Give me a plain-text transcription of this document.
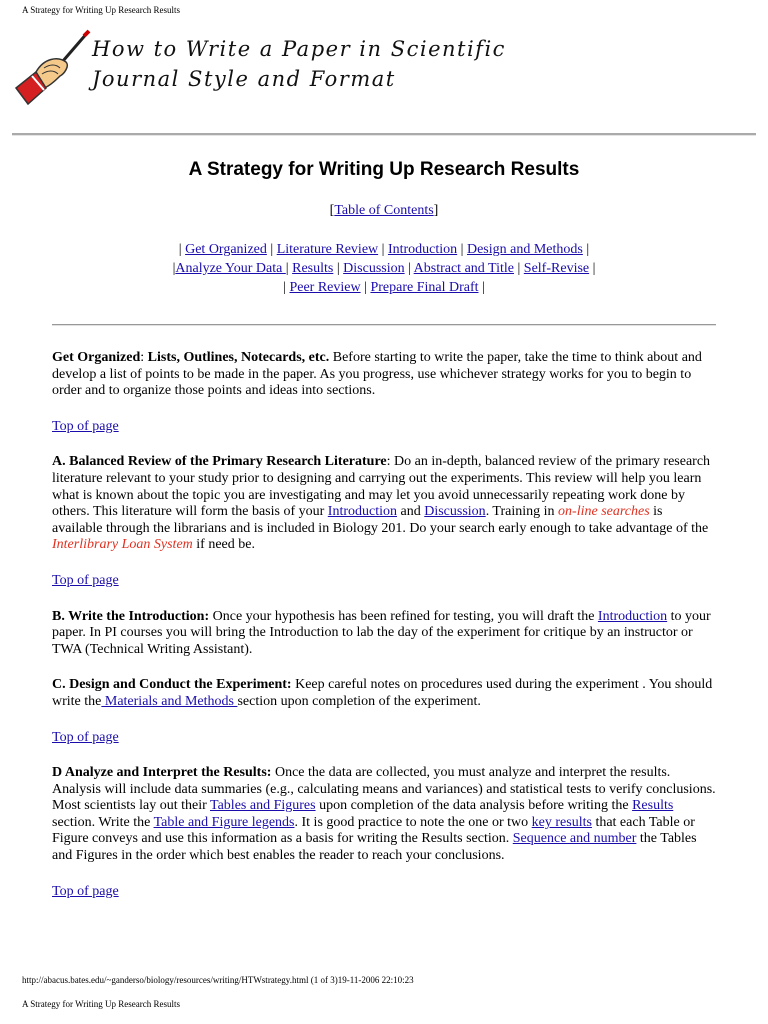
A Strategy for Writing Up Research Results
How to Write a Paper in Scientific
Journal Style and Format
A Strategy for Writing Up Research Results
[Table of Contents]
| Get Organized | Literature Review | Introduction | Design and Methods |
|Analyze Your Data | Results | Discussion | Abstract and Title | Self-Revise |
| Peer Review | Prepare Final Draft |

Get Organized: Lists, Outlines, Notecards, etc. Before starting to write the paper, take the time to think about and develop a list of points to be made in the paper. As you progress, use whichever strategy works for you to begin to order and to organize those points and ideas into sections.

Top of page

A. Balanced Review of the Primary Research Literature: Do an in-depth, balanced review of the primary research literature relevant to your study prior to designing and carrying out the experiments. This review will help you learn what is known about the topic you are investigating and may let you avoid unnecessarily repeating work done by others. This literature will form the basis of your Introduction and Discussion. Training in on-line searches is available through the librarians and is included in Biology 201. Do your search early enough to take advantage of the Interlibrary Loan System if need be.

Top of page

B. Write the Introduction: Once your hypothesis has been refined for testing, you will draft the Introduction to your paper. In PI courses you will bring the Introduction to lab the day of the experiment for critique by an instructor or TWA (Technical Writing Assistant).

C. Design and Conduct the Experiment: Keep careful notes on procedures used during the experiment . You should write the Materials and Methods section upon completion of the experiment.

Top of page

D Analyze and Interpret the Results: Once the data are collected, you must analyze and interpret the results. Analysis will include data summaries (e.g., calculating means and variances) and statistical tests to verify conclusions. Most scientists lay out their Tables and Figures upon completion of the data analysis before writing the Results section. Write the Table and Figure legends. It is good practice to note the one or two key results that each Table or Figure conveys and use this information as a basis for writing the Results section. Sequence and number the Tables and Figures in the order which best enables the reader to reach your conclusions.

Top of page

http://abacus.bates.edu/~ganderso/biology/resources/writing/HTWstrategy.html (1 of 3)19-11-2006 22:10:23
A Strategy for Writing Up Research Results
